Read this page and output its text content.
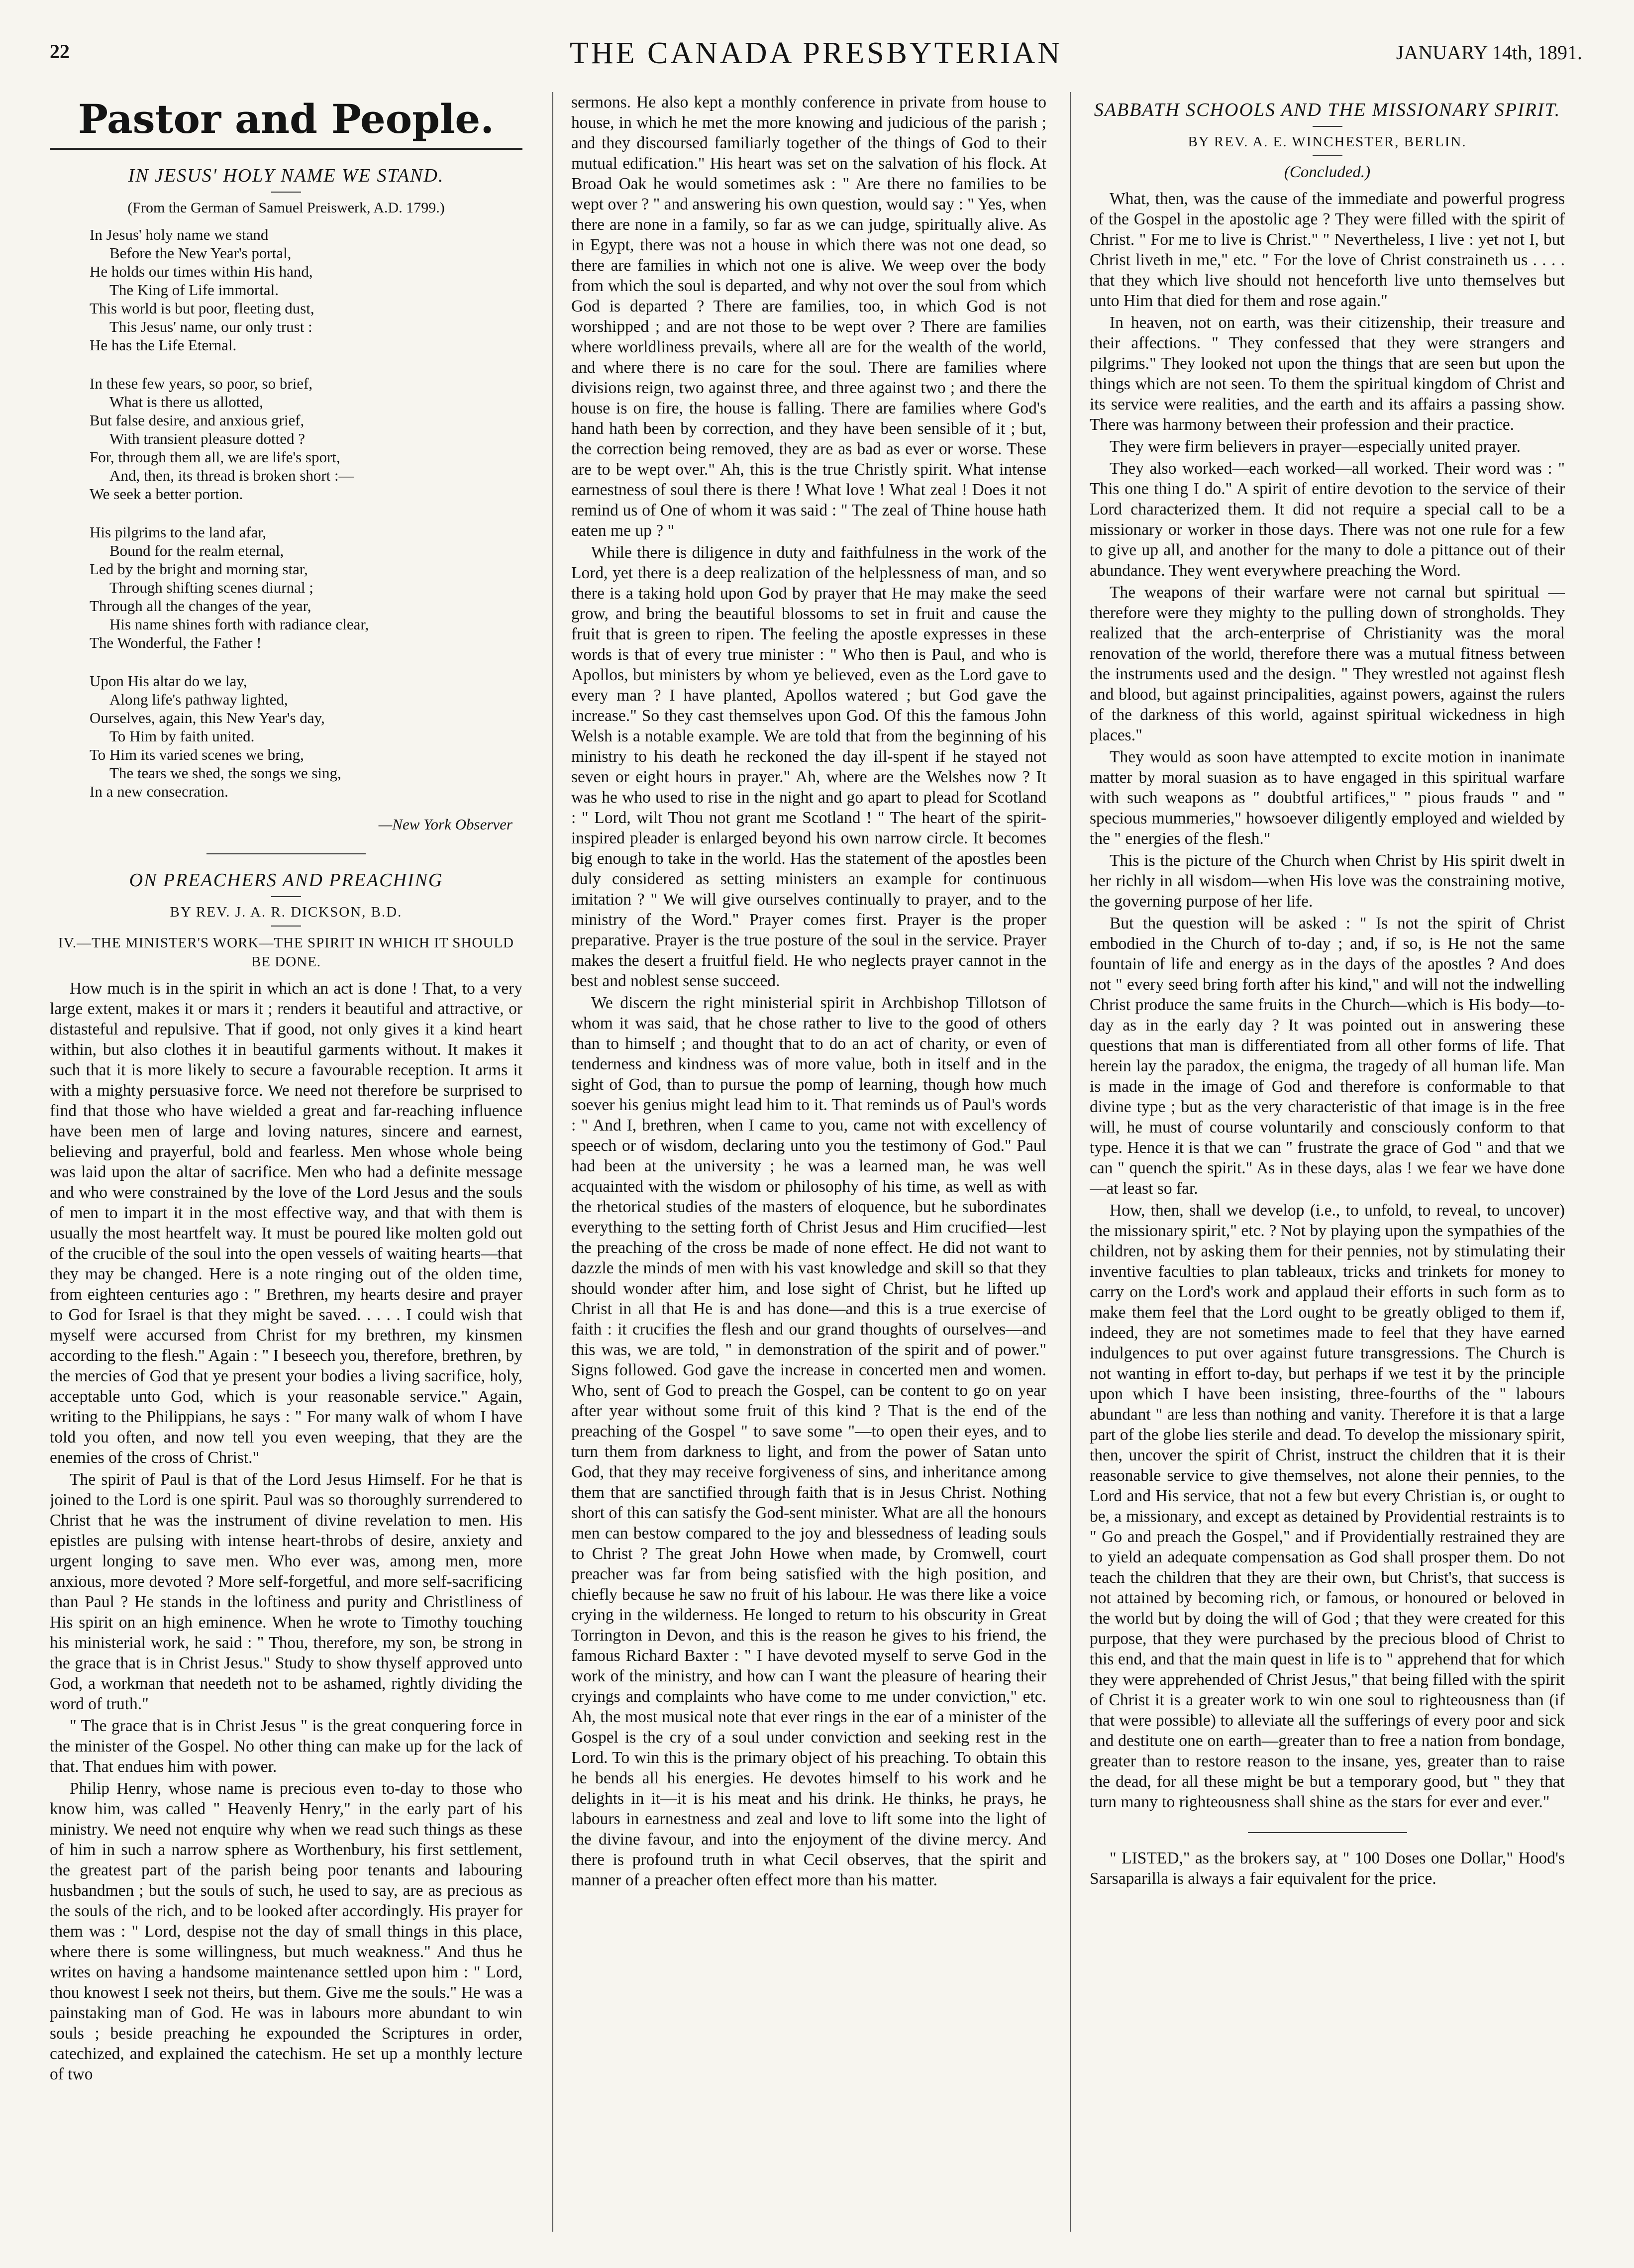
22	THE CANADA PRESBYTERIAN	JANUARY 14th, 1891.
Pastor and People.
IN JESUS' HOLY NAME WE STAND.
(From the German of Samuel Preiswerk, A.D. 1799.)
In Jesus' holy name we stand
Before the New Year's portal,
He holds our times within His hand,
The King of Life immortal.
This world is but poor, fleeting dust,
This Jesus' name, our only trust :
He has the Life Eternal.
In these few years, so poor, so brief,
What is there us allotted,
But false desire, and anxious grief,
With transient pleasure dotted ?
For, through them all, we are life's sport,
And, then, its thread is broken short :—
We seek a better portion.
His pilgrims to the land afar,
Bound for the realm eternal,
Led by the bright and morning star,
Through shifting scenes diurnal ;
Through all the changes of the year,
His name shines forth with radiance clear,
The Wonderful, the Father !
Upon His altar do we lay,
Along life's pathway lighted,
Ourselves, again, this New Year's day,
To Him by faith united.
To Him its varied scenes we bring,
The tears we shed, the songs we sing,
In a new consecration.
—New York Observer
ON PREACHERS AND PREACHING
BY REV. J. A. R. DICKSON, B.D.
IV.—THE MINISTER'S WORK—THE SPIRIT IN WHICH IT SHOULD BE DONE.

How much is in the spirit in which an act is done ! That, to a very large extent, makes it or mars it ; renders it beautiful and attractive, or distasteful and repulsive. That if good, not only gives it a kind heart within, but also clothes it in beautiful garments without. It makes it such that it is more likely to secure a favourable reception. It arms it with a mighty persuasive force. We need not therefore be surprised to find that those who have wielded a great and far-reaching influence have been men of large and loving natures, sincere and earnest, believing and prayerful, bold and fearless. Men whose whole being was laid upon the altar of sacrifice. Men who had a definite message and who were constrained by the love of the Lord Jesus and the souls of men to impart it in the most effective way, and that with them is usually the most heartfelt way. It must be poured like molten gold out of the crucible of the soul into the open vessels of waiting hearts—that they may be changed. Here is a note ringing out of the olden time, from eighteen centuries ago : " Brethren, my hearts desire and prayer to God for Israel is that they might be saved. . . . . I could wish that myself were accursed from Christ for my brethren, my kinsmen according to the flesh." Again : " I beseech you, therefore, brethren, by the mercies of God that ye present your bodies a living sacrifice, holy, acceptable unto God, which is your reasonable service." Again, writing to the Philippians, he says : " For many walk of whom I have told you often, and now tell you even weeping, that they are the enemies of the cross of Christ."

The spirit of Paul is that of the Lord Jesus Himself. For he that is joined to the Lord is one spirit. Paul was so thoroughly surrendered to Christ that he was the instrument of divine revelation to men. His epistles are pulsing with intense heart-throbs of desire, anxiety and urgent longing to save men. Who ever was, among men, more anxious, more devoted ? More self-forgetful, and more self-sacrificing than Paul ? He stands in the loftiness and purity and Christliness of His spirit on an high eminence. When he wrote to Timothy touching his ministerial work, he said : " Thou, therefore, my son, be strong in the grace that is in Christ Jesus." Study to show thyself approved unto God, a workman that needeth not to be ashamed, rightly dividing the word of truth."

" The grace that is in Christ Jesus " is the great conquering force in the minister of the Gospel. No other thing can make up for the lack of that. That endues him with power.

Philip Henry, whose name is precious even to-day to those who know him, was called " Heavenly Henry," in the early part of his ministry. We need not enquire why when we read such things as these of him in such a narrow sphere as Worthenbury, his first settlement, the greatest part of the parish being poor tenants and labouring husbandmen ; but the souls of such, he used to say, are as precious as the souls of the rich, and to be looked after accordingly. His prayer for them was : " Lord, despise not the day of small things in this place, where there is some willingness, but much weakness." And thus he writes on having a handsome maintenance settled upon him : " Lord, thou knowest I seek not theirs, but them. Give me the souls." He was a painstaking man of God. He was in labours more abundant to win souls ; beside preaching he expounded the Scriptures in order, catechized, and explained the catechism. He set up a monthly lecture of two

sermons. He also kept a monthly conference in private from house to house, in which he met the more knowing and judicious of the parish ; and they discoursed familiarly together of the things of God to their mutual edification." His heart was set on the salvation of his flock. At Broad Oak he would sometimes ask : " Are there no families to be wept over ? " and answering his own question, would say : " Yes, when there are none in a family, so far as we can judge, spiritually alive. As in Egypt, there was not a house in which there was not one dead, so there are families in which not one is alive. We weep over the body from which the soul is departed, and why not over the soul from which God is departed ? There are families, too, in which God is not worshipped ; and are not those to be wept over ? There are families where worldliness prevails, where all are for the wealth of the world, and where there is no care for the soul. There are families where divisions reign, two against three, and three against two ; and there the house is on fire, the house is falling. There are families where God's hand hath been by correction, and they have been sensible of it ; but, the correction being removed, they are as bad as ever or worse. These are to be wept over." Ah, this is the true Christly spirit. What intense earnestness of soul there is there ! What love ! What zeal ! Does it not remind us of One of whom it was said : " The zeal of Thine house hath eaten me up ? "

While there is diligence in duty and faithfulness in the work of the Lord, yet there is a deep realization of the helplessness of man, and so there is a taking hold upon God by prayer that He may make the seed grow, and bring the beautiful blossoms to set in fruit and cause the fruit that is green to ripen. The feeling the apostle expresses in these words is that of every true minister : " Who then is Paul, and who is Apollos, but ministers by whom ye believed, even as the Lord gave to every man ? I have planted, Apollos watered ; but God gave the increase." So they cast themselves upon God. Of this the famous John Welsh is a notable example. We are told that from the beginning of his ministry to his death he reckoned the day ill-spent if he stayed not seven or eight hours in prayer." Ah, where are the Welshes now ? It was he who used to rise in the night and go apart to plead for Scotland : " Lord, wilt Thou not grant me Scotland ! " The heart of the spirit-inspired pleader is enlarged beyond his own narrow circle. It becomes big enough to take in the world. Has the statement of the apostles been duly considered as setting ministers an example for continuous imitation ? " We will give ourselves continually to prayer, and to the ministry of the Word." Prayer comes first. Prayer is the proper preparative. Prayer is the true posture of the soul in the service. Prayer makes the desert a fruitful field. He who neglects prayer cannot in the best and noblest sense succeed.

We discern the right ministerial spirit in Archbishop Tillotson of whom it was said, that he chose rather to live to the good of others than to himself ; and thought that to do an act of charity, or even of tenderness and kindness was of more value, both in itself and in the sight of God, than to pursue the pomp of learning, though how much soever his genius might lead him to it. That reminds us of Paul's words : " And I, brethren, when I came to you, came not with excellency of speech or of wisdom, declaring unto you the testimony of God." Paul had been at the university ; he was a learned man, he was well acquainted with the wisdom or philosophy of his time, as well as with the rhetorical studies of the masters of eloquence, but he subordinates everything to the setting forth of Christ Jesus and Him crucified—lest the preaching of the cross be made of none effect. He did not want to dazzle the minds of men with his vast knowledge and skill so that they should wonder after him, and lose sight of Christ, but he lifted up Christ in all that He is and has done—and this is a true exercise of faith : it crucifies the flesh and our grand thoughts of ourselves—and this was, we are told, " in demonstration of the spirit and of power." Signs followed. God gave the increase in concerted men and women. Who, sent of God to preach the Gospel, can be content to go on year after year without some fruit of this kind ? That is the end of the preaching of the Gospel " to save some "—to open their eyes, and to turn them from darkness to light, and from the power of Satan unto God, that they may receive forgiveness of sins, and inheritance among them that are sanctified through faith that is in Jesus Christ. Nothing short of this can satisfy the God-sent minister. What are all the honours men can bestow compared to the joy and blessedness of leading souls to Christ ? The great John Howe when made, by Cromwell, court preacher was far from being satisfied with the high position, and chiefly because he saw no fruit of his labour. He was there like a voice crying in the wilderness. He longed to return to his obscurity in Great Torrington in Devon, and this is the reason he gives to his friend, the famous Richard Baxter : " I have devoted myself to serve God in the work of the ministry, and how can I want the pleasure of hearing their cryings and complaints who have come to me under conviction," etc. Ah, the most musical note that ever rings in the ear of a minister of the Gospel is the cry of a soul under conviction and seeking rest in the Lord. To win this is the primary object of his preaching. To obtain this he bends all his energies. He devotes himself to his work and he delights in it—it is his meat and his drink. He thinks, he prays, he labours in earnestness and zeal and love to lift some into the light of the divine favour, and into the enjoyment of the divine mercy. And there is profound truth in what Cecil observes, that the spirit and manner of a preacher often effect more than his matter.

SABBATH SCHOOLS AND THE MISSIONARY SPIRIT.
BY REV. A. E. WINCHESTER, BERLIN.
(Concluded.)

What, then, was the cause of the immediate and powerful progress of the Gospel in the apostolic age ? They were filled with the spirit of Christ. " For me to live is Christ." " Nevertheless, I live : yet not I, but Christ liveth in me," etc. " For the love of Christ constraineth us . . . . that they which live should not henceforth live unto themselves but unto Him that died for them and rose again."

In heaven, not on earth, was their citizenship, their treasure and their affections. " They confessed that they were strangers and pilgrims." They looked not upon the things that are seen but upon the things which are not seen. To them the spiritual kingdom of Christ and its service were realities, and the earth and its affairs a passing show. There was harmony between their profession and their practice.

They were firm believers in prayer—especially united prayer.

They also worked—each worked—all worked. Their word was : " This one thing I do." A spirit of entire devotion to the service of their Lord characterized them. It did not require a special call to be a missionary or worker in those days. There was not one rule for a few to give up all, and another for the many to dole a pittance out of their abundance. They went everywhere preaching the Word.

The weapons of their warfare were not carnal but spiritual —therefore were they mighty to the pulling down of strongholds. They realized that the arch-enterprise of Christianity was the moral renovation of the world, therefore there was a mutual fitness between the instruments used and the design. " They wrestled not against flesh and blood, but against principalities, against powers, against the rulers of the darkness of this world, against spiritual wickedness in high places."

They would as soon have attempted to excite motion in inanimate matter by moral suasion as to have engaged in this spiritual warfare with such weapons as " doubtful artifices," " pious frauds " and " specious mummeries," howsoever diligently employed and wielded by the " energies of the flesh."

This is the picture of the Church when Christ by His spirit dwelt in her richly in all wisdom—when His love was the constraining motive, the governing purpose of her life.

But the question will be asked : " Is not the spirit of Christ embodied in the Church of to-day ; and, if so, is He not the same fountain of life and energy as in the days of the apostles ? And does not " every seed bring forth after his kind," and will not the indwelling Christ produce the same fruits in the Church—which is His body—to-day as in the early day ? It was pointed out in answering these questions that man is differentiated from all other forms of life. That herein lay the paradox, the enigma, the tragedy of all human life. Man is made in the image of God and therefore is conformable to that divine type ; but as the very characteristic of that image is in the free will, he must of course voluntarily and consciously conform to that type. Hence it is that we can " frustrate the grace of God " and that we can " quench the spirit." As in these days, alas ! we fear we have done—at least so far.

How, then, shall we develop (i.e., to unfold, to reveal, to uncover) the missionary spirit," etc. ? Not by playing upon the sympathies of the children, not by asking them for their pennies, not by stimulating their inventive faculties to plan tableaux, tricks and trinkets for money to carry on the Lord's work and applaud their efforts in such form as to make them feel that the Lord ought to be greatly obliged to them if, indeed, they are not sometimes made to feel that they have earned indulgences to put over against future transgressions. The Church is not wanting in effort to-day, but perhaps if we test it by the principle upon which I have been insisting, three-fourths of the " labours abundant " are less than nothing and vanity. Therefore it is that a large part of the globe lies sterile and dead. To develop the missionary spirit, then, uncover the spirit of Christ, instruct the children that it is their reasonable service to give themselves, not alone their pennies, to the Lord and His service, that not a few but every Christian is, or ought to be, a missionary, and except as detained by Providential restraints is to " Go and preach the Gospel," and if Providentially restrained they are to yield an adequate compensation as God shall prosper them. Do not teach the children that they are their own, but Christ's, that success is not attained by becoming rich, or famous, or honoured or beloved in the world but by doing the will of God ; that they were created for this purpose, that they were purchased by the precious blood of Christ to this end, and that the main quest in life is to " apprehend that for which they were apprehended of Christ Jesus," that being filled with the spirit of Christ it is a greater work to win one soul to righteousness than (if that were possible) to alleviate all the sufferings of every poor and sick and destitute one on earth—greater than to free a nation from bondage, greater than to restore reason to the insane, yes, greater than to raise the dead, for all these might be but a temporary good, but " they that turn many to righteousness shall shine as the stars for ever and ever."

" LISTED," as the brokers say, at " 100 Doses one Dollar," Hood's Sarsaparilla is always a fair equivalent for the price.
